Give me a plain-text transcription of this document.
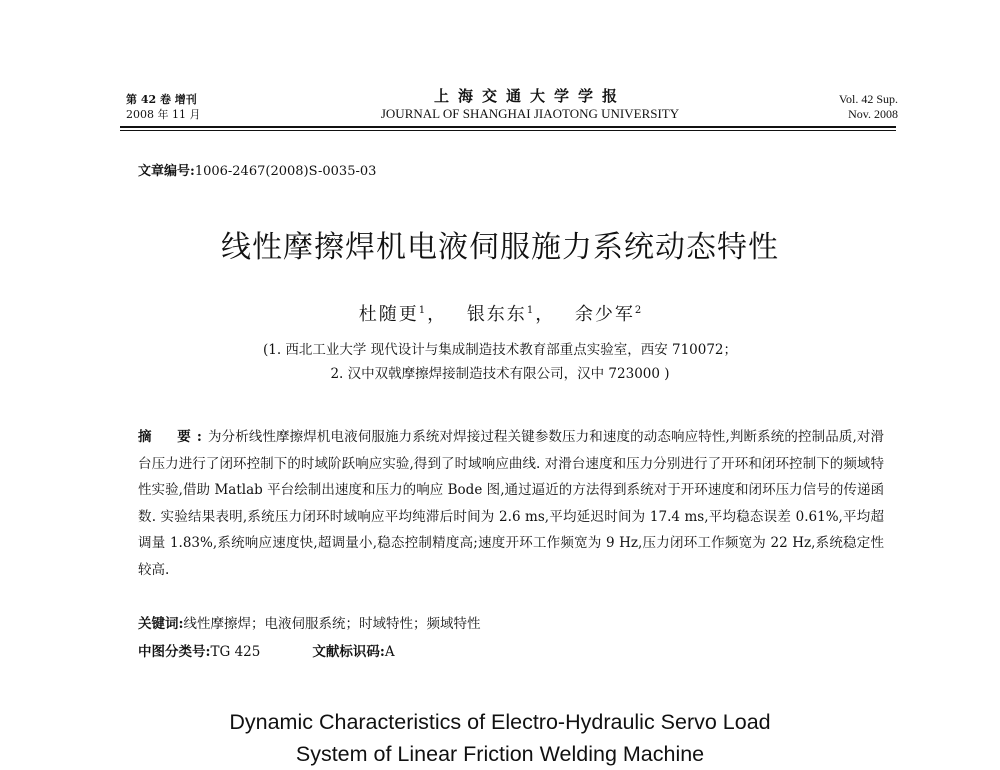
第 42 卷 增刊
2008 年 11 月
上海交通大学学报
JOURNAL OF SHANGHAI JIAOTONG UNIVERSITY
Vol. 42 Sup.
Nov. 2008
文章编号:1006-2467(2008)S-0035-03
线性摩擦焊机电液伺服施力系统动态特性
杜随更$^1$ ， 银东东$^1$ ， 余少军$^2$
(1. 西北工业大学 现代设计与集成制造技术教育部重点实验室，西安 710072；
2. 汉中双戟摩擦焊接制造技术有限公司，汉中 723000 )
摘　要:为分析线性摩擦焊机电液伺服施力系统对焊接过程关键参数压力和速度的动态响应特性,判断系统的控制品质,对滑台压力进行了闭环控制下的时域阶跃响应实验,得到了时域响应曲线. 对滑台速度和压力分别进行了开环和闭环控制下的频域特性实验,借助 Matlab 平台绘制出速度和压力的响应 Bode 图,通过逼近的方法得到系统对于开环速度和闭环压力信号的传递函数. 实验结果表明,系统压力闭环时域响应平均纯滞后时间为 2.6 ms,平均延迟时间为 17.4 ms,平均稳态误差 0.61%,平均超调量 1.83%,系统响应速度快,超调量小,稳态控制精度高;速度开环工作频宽为 9 Hz,压力闭环工作频宽为 22 Hz,系统稳定性较高.
关键词:线性摩擦焊；电液伺服系统；时域特性；频域特性
中图分类号:TG 425	文献标识码:A
Dynamic Characteristics of Electro-Hydraulic Servo Load
System of Linear Friction Welding Machine
